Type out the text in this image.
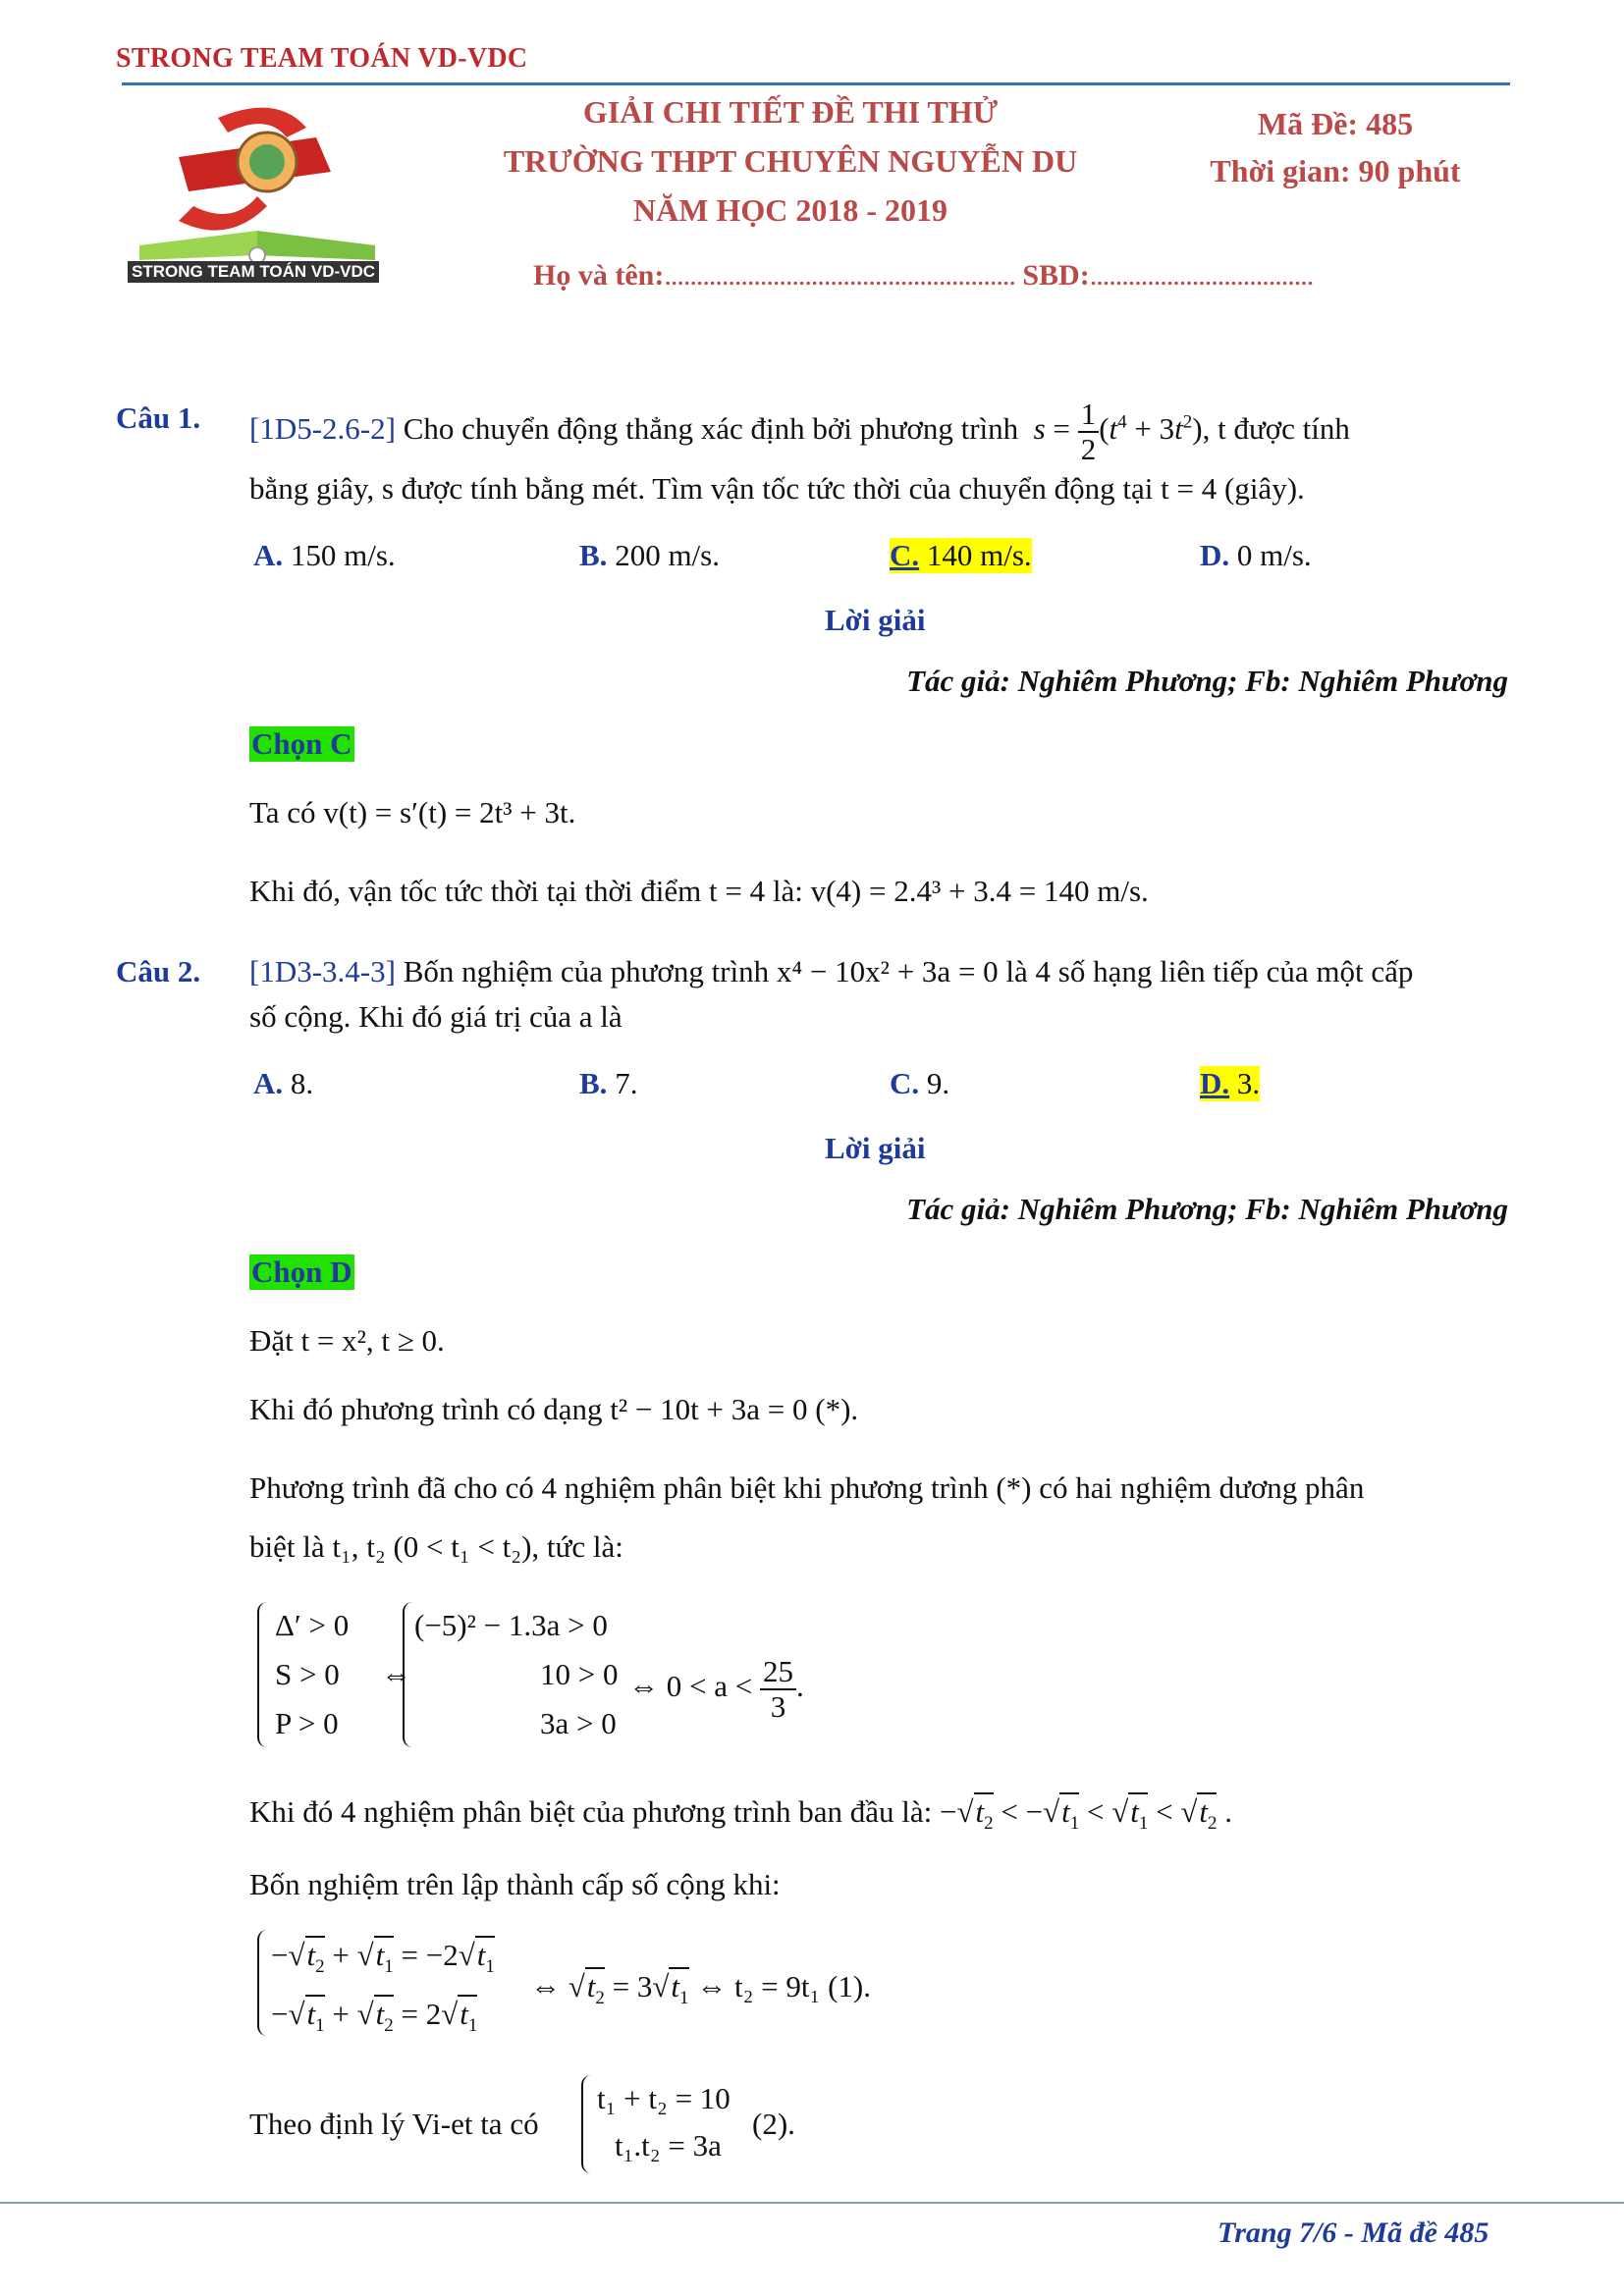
STRONG TEAM TOÁN VD-VDC
STRONG TEAM TOÁN VD-VDC
GIẢI CHI TIẾT ĐỀ THI THỬ
TRƯỜNG THPT CHUYÊN NGUYỄN DU
NĂM HỌC 2018 - 2019
Mã Đề: 485
Thời gian: 90 phút
Họ và tên:....................................................... SBD:...................................
Câu 1. [1D5-2.6-2] Cho chuyển động thẳng xác định bởi phương trình $s = \frac{1}{2} (t^4 + 3t^2)$, t được tính
bằng giây, s được tính bằng mét. Tìm vận tốc tức thời của chuyển động tại t = 4 (giây).
A. 150 m/s.	B. 200 m/s.	C. 140 m/s.	D. 0 m/s.
Lời giải
Tác giả: Nghiêm Phương; Fb: Nghiêm Phương
Chọn C
Ta có v(t) = s′(t) = 2t³ + 3t.
Khi đó, vận tốc tức thời tại thời điểm t = 4 là: v(4) = 2.4³ + 3.4 = 140 m/s.
Câu 2. [1D3-3.4-3] Bốn nghiệm của phương trình x⁴ − 10x² + 3a = 0 là 4 số hạng liên tiếp của một cấp
số cộng. Khi đó giá trị của a là
A. 8.	B. 7.	C. 9.	D. 3.
Lời giải
Tác giả: Nghiêm Phương; Fb: Nghiêm Phương
Chọn D
Đặt t = x², t ≥ 0.
Khi đó phương trình có dạng t² − 10t + 3a = 0 (*).
Phương trình đã cho có 4 nghiệm phân biệt khi phương trình (*) có hai nghiệm dương phân
biệt là t₁, t₂ (0 < t₁ < t₂), tức là:
Δ′ > 0
S > 0
P > 0
⇔
(−5)² − 1.3a > 0
10 > 0
3a > 0
⇔ $0 < a < \frac{25}{3}$ .
Khi đó 4 nghiệm phân biệt của phương trình ban đầu là: $-√t_2 < -√t_1 < √t_1 < √t_2$ .
Bốn nghiệm trên lập thành cấp số cộng khi:
$-√t_2 + √t_1 = -2√t_1$
$-√t_1 + √t_2 = 2√t_1$
⇔ $√t_2 = 3√t_1$ ⇔ t₂ = 9t₁ (1).
Theo định lý Vi-et ta có
t₁ + t₂ = 10
t₁.t₂ = 3a
(2).
Trang 7/6 - Mã đề 485
